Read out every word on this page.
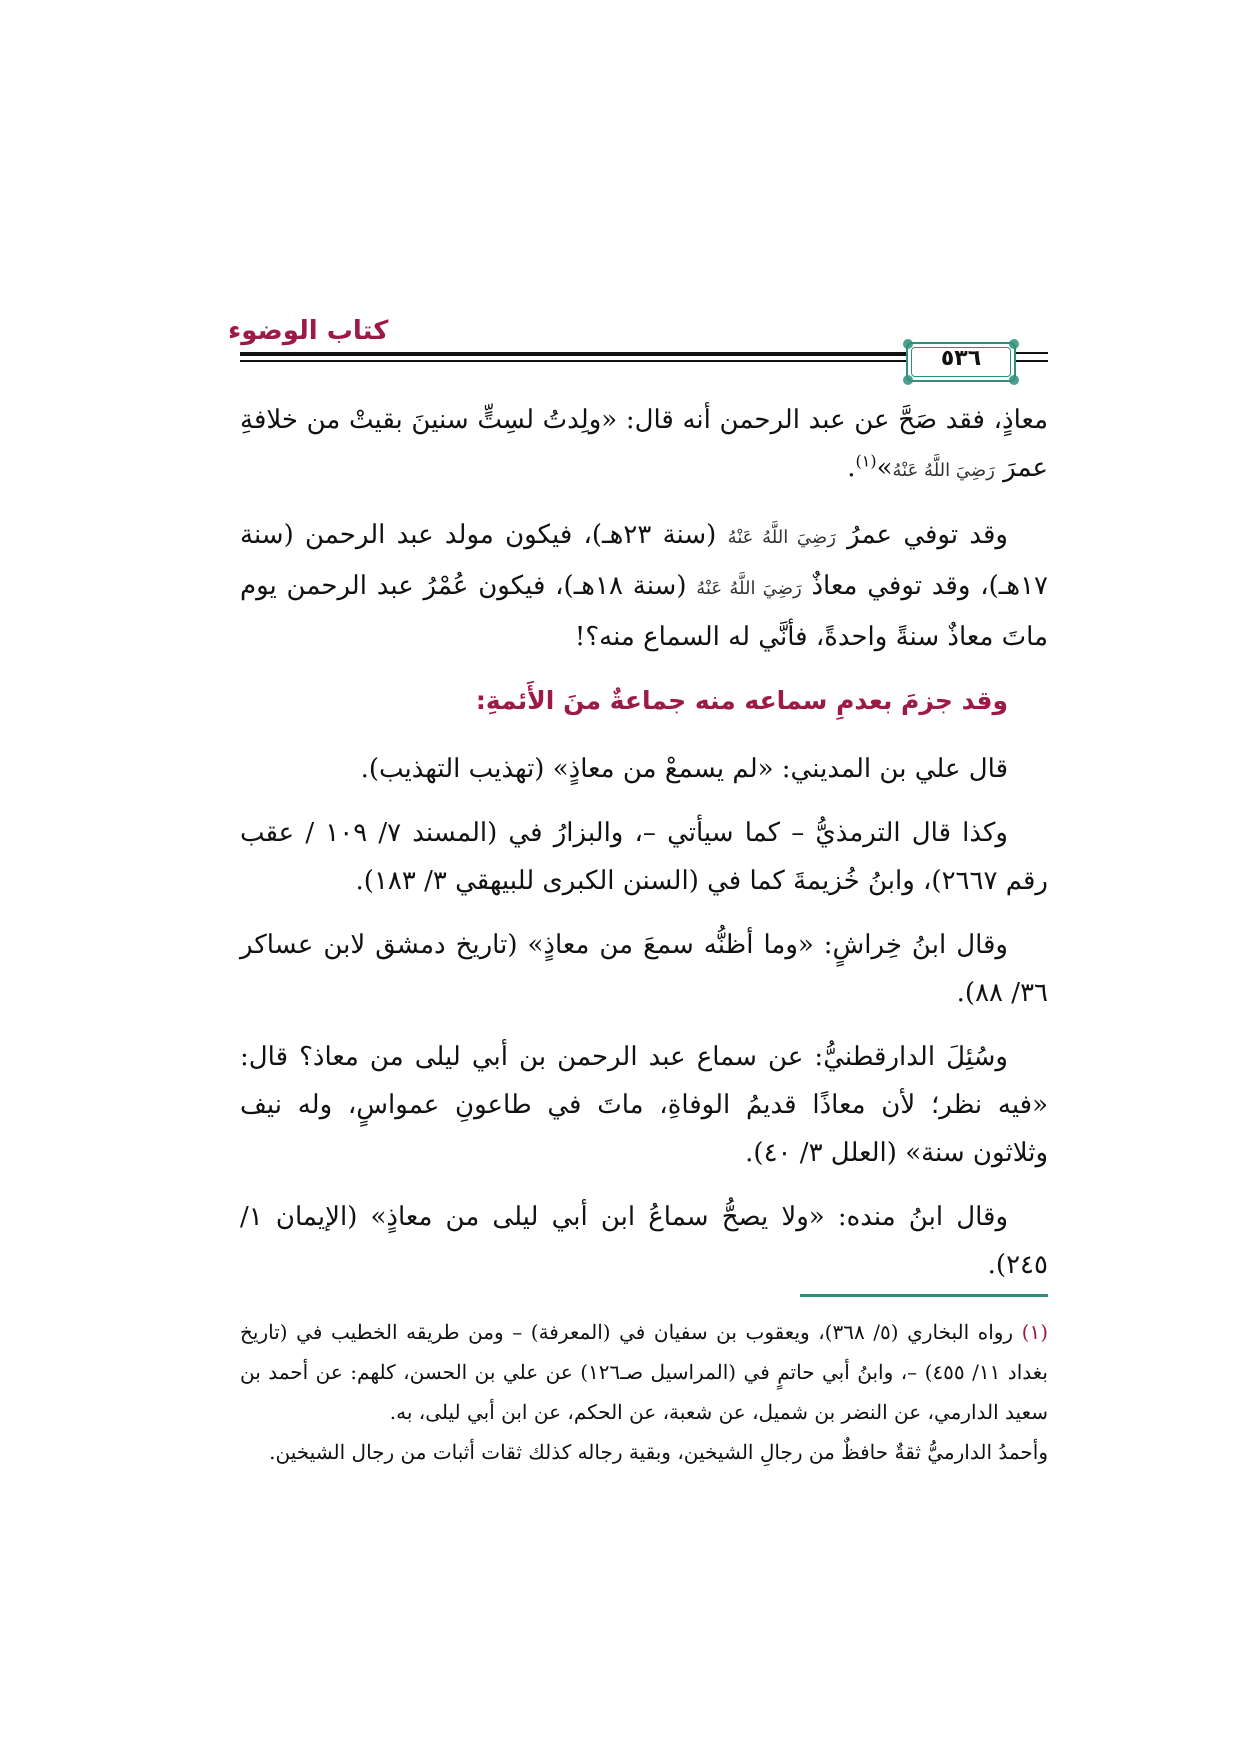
كتاب الوضوء
٥٣٦

معاذٍ، فقد صَحَّ عن عبد الرحمن أنه قال: «ولِدتُ لسِتٍّ سنينَ بقيتْ من خلافةِ عمرَ رَضِيَ اللَّهُ عَنْهُ»$^{(١)}$.

وقد توفي عمرُ رَضِيَ اللَّهُ عَنْهُ (سنة ٢٣هـ)، فيكون مولد عبد الرحمن (سنة ١٧هـ)، وقد توفي معاذٌ رَضِيَ اللَّهُ عَنْهُ (سنة ١٨هـ)، فيكون عُمْرُ عبد الرحمن يوم ماتَ معاذٌ سنةً واحدةً، فأنَّي له السماع منه؟!

وقد جزمَ بعدمِ سماعه منه جماعةٌ منَ الأَئمةِ:

قال علي بن المديني: «لم يسمعْ من معاذٍ» (تهذيب التهذيب).

وكذا قال الترمذيُّ – كما سيأتي –، والبزارُ في (المسند ٧/ ١٠٩ / عقب رقم ٢٦٦٧)، وابنُ خُزيمةَ كما في (السنن الكبرى للبيهقي ٣/ ١٨٣).

وقال ابنُ خِراشٍ: «وما أظنُّه سمعَ من معاذٍ» (تاريخ دمشق لابن عساكر ٣٦/ ٨٨).

وسُئِلَ الدارقطنيُّ: عن سماع عبد الرحمن بن أبي ليلى من معاذ؟ قال: «فيه نظر؛ لأن معاذًا قديمُ الوفاةِ، ماتَ في طاعونِ عمواسٍ، وله نيف وثلاثون سنة» (العلل ٣/ ٤٠).

وقال ابنُ منده: «ولا يصحُّ سماعُ ابن أبي ليلى من معاذٍ» (الإيمان ١/ ٢٤٥).

(١) رواه البخاري (٥/ ٣٦٨)، ويعقوب بن سفيان في (المعرفة) – ومن طريقه الخطيب في (تاريخ بغداد ١١/ ٤٥٥) –، وابنُ أبي حاتمٍ في (المراسيل صـ١٢٦) عن علي بن الحسن، كلهم: عن أحمد بن سعيد الدارمي، عن النضر بن شميل، عن شعبة، عن الحكم، عن ابن أبي ليلى، به.

وأحمدُ الدارميُّ ثقةٌ حافظٌ من رجالِ الشيخين، وبقية رجاله كذلك ثقات أثبات من رجال الشيخين.
